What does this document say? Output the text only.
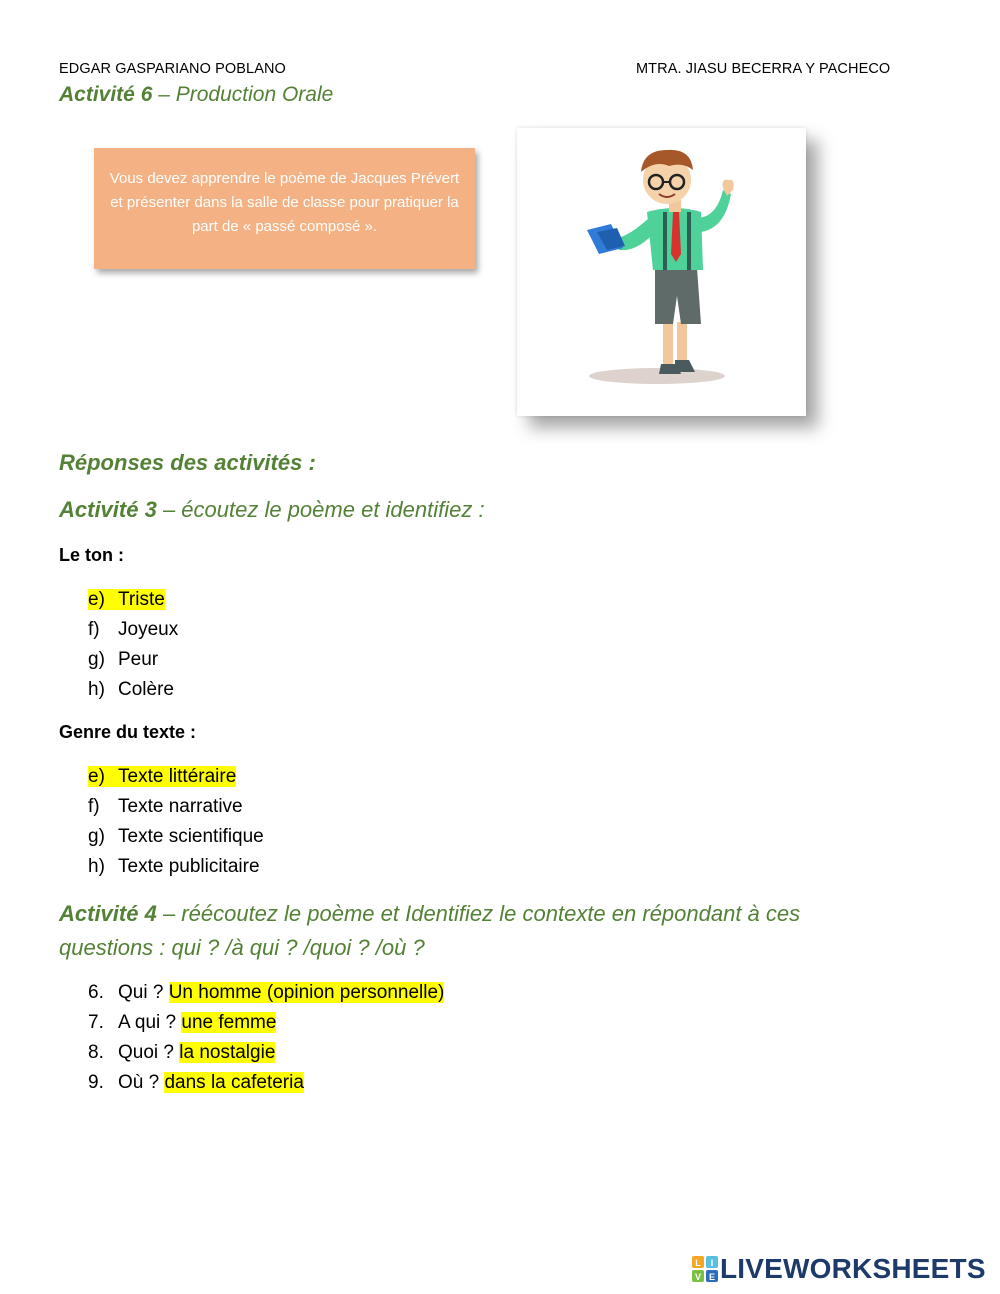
EDGAR GASPARIANO POBLANO	MTRA. JIASU BECERRA Y PACHECO
Activité 6 – Production Orale
Vous devez apprendre le poème de Jacques Prévert et présenter dans la salle de classe pour pratiquer la part de « passé composé ».
Réponses des activités :
Activité 3 – écoutez le poème et identifiez :
Le ton :
e) Triste
f) Joyeux
g) Peur
h) Colère
Genre du texte :
e) Texte littéraire
f) Texte narrative
g) Texte scientifique
h) Texte publicitaire
Activité 4 – réécoutez le poème et Identifiez le contexte en répondant à ces questions : qui ? /à qui ? /quoi ? /où ?
6. Qui ? Un homme (opinion personnelle)
7. A qui ? une femme
8. Quoi ? la nostalgie
9. Où ? dans la cafeteria
L I
V E LIVEWORKSHEETS
